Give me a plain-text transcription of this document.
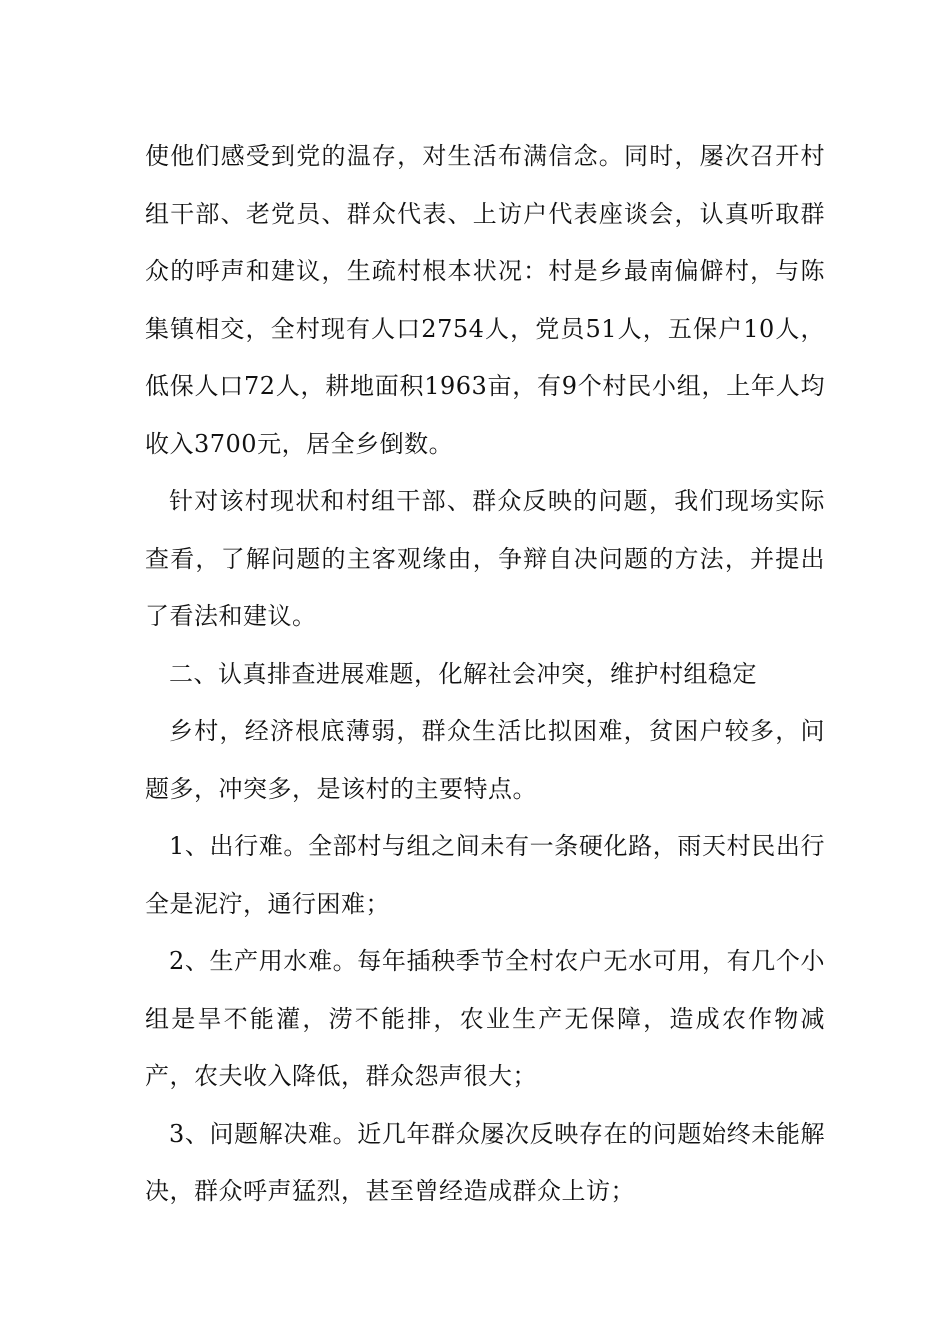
使他们感受到党的温存，对生活布满信念。同时，屡次召开村组干部、老党员、群众代表、上访户代表座谈会，认真听取群众的呼声和建议，生疏村根本状况：村是乡最南偏僻村，与陈集镇相交，全村现有人口2754人，党员51人，五保户10人，低保人口72人，耕地面积1963亩，有9个村民小组，上年人均收入3700元，居全乡倒数。

针对该村现状和村组干部、群众反映的问题，我们现场实际查看，了解问题的主客观缘由，争辩自决问题的方法，并提出了看法和建议。

二、认真排查进展难题，化解社会冲突，维护村组稳定

乡村，经济根底薄弱，群众生活比拟困难，贫困户较多，问题多，冲突多，是该村的主要特点。

1、出行难。全部村与组之间未有一条硬化路，雨天村民出行全是泥泞，通行困难；

2、生产用水难。每年插秧季节全村农户无水可用，有几个小组是旱不能灌，涝不能排，农业生产无保障，造成农作物减产，农夫收入降低，群众怨声很大；

3、问题解决难。近几年群众屡次反映存在的问题始终未能解决，群众呼声猛烈，甚至曾经造成群众上访；
